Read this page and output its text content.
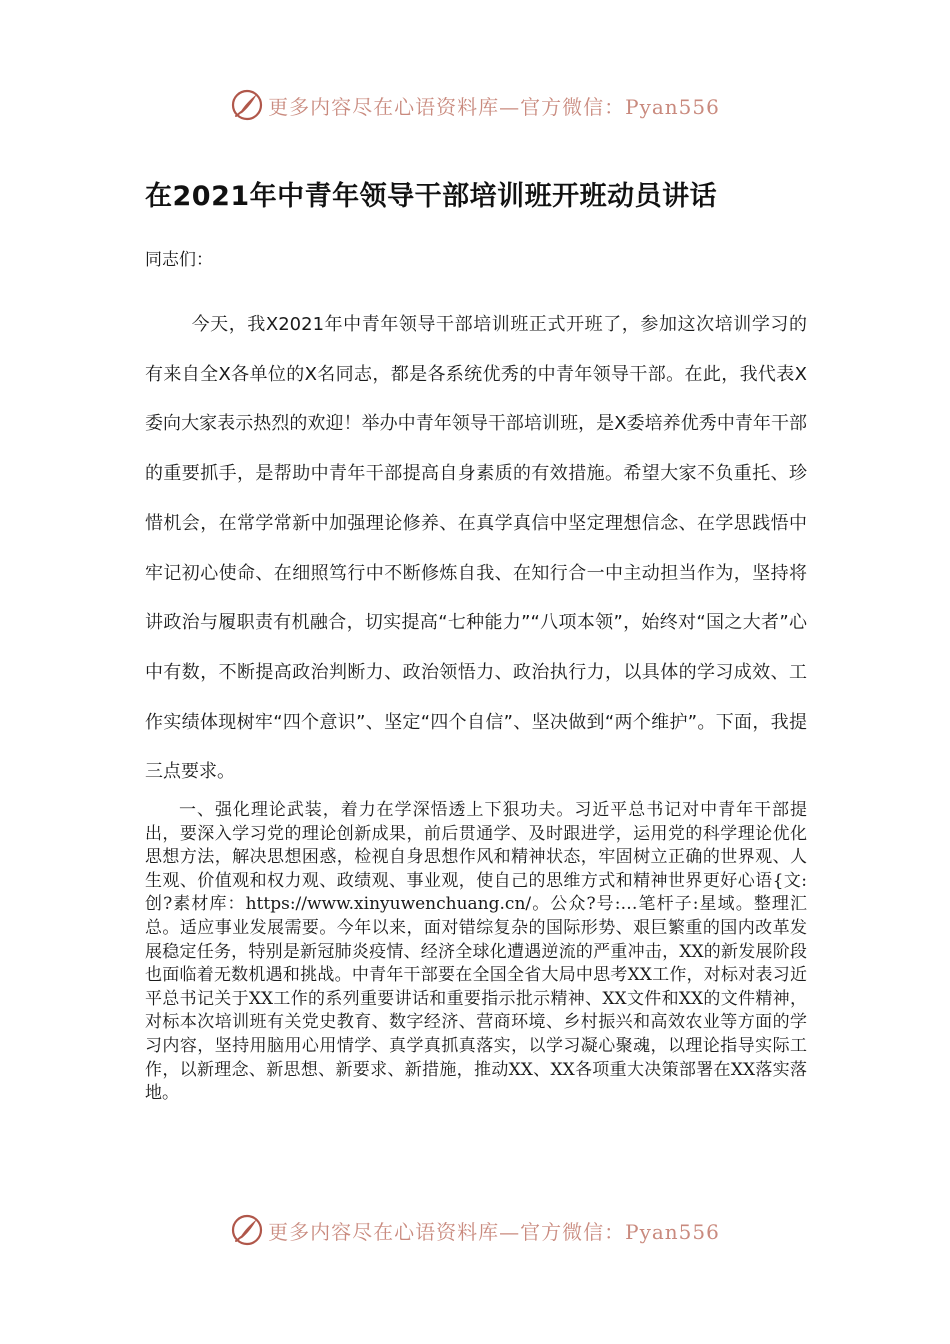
更多内容尽在心语资料库—官方微信：Pyan556
在2021年中青年领导干部培训班开班动员讲话
同志们：

今天，我X2021年中青年领导干部培训班正式开班了，参加这次培训学习的有来自全X各单位的X名同志，都是各系统优秀的中青年领导干部。在此，我代表X委向大家表示热烈的欢迎！举办中青年领导干部培训班，是X委培养优秀中青年干部的重要抓手，是帮助中青年干部提高自身素质的有效措施。希望大家不负重托、珍惜机会，在常学常新中加强理论修养、在真学真信中坚定理想信念、在学思践悟中牢记初心使命、在细照笃行中不断修炼自我、在知行合一中主动担当作为，坚持将讲政治与履职责有机融合，切实提高“七种能力”“八项本领”，始终对“国之大者”心中有数，不断提高政治判断力、政治领悟力、政治执行力，以具体的学习成效、工作实绩体现树牢“四个意识”、坚定“四个自信”、坚决做到“两个维护”。下面，我提三点要求。

一、强化理论武装，着力在学深悟透上下狠功夫。习近平总书记对中青年干部提出，要深入学习党的理论创新成果，前后贯通学、及时跟进学，运用党的科学理论优化思想方法，解决思想困惑，检视自身思想作风和精神状态，牢固树立正确的世界观、人生观、价值观和权力观、政绩观、事业观，使自己的思维方式和精神世界更好心语{文:创?素材库：https://www.xinyuwenchuang.cn/。公众?号:…笔杆子:星域。整理汇总。适应事业发展需要。今年以来，面对错综复杂的国际形势、艰巨繁重的国内改革发展稳定任务，特别是新冠肺炎疫情、经济全球化遭遇逆流的严重冲击，XX的新发展阶段也面临着无数机遇和挑战。中青年干部要在全国全省大局中思考XX工作，对标对表习近平总书记关于XX工作的系列重要讲话和重要指示批示精神、XX文件和XX的文件精神，对标本次培训班有关党史教育、数字经济、营商环境、乡村振兴和高效农业等方面的学习内容，坚持用脑用心用情学、真学真抓真落实，以学习凝心聚魂，以理论指导实际工作，以新理念、新思想、新要求、新措施，推动XX、XX各项重大决策部署在XX落实落地。

更多内容尽在心语资料库—官方微信：Pyan556
